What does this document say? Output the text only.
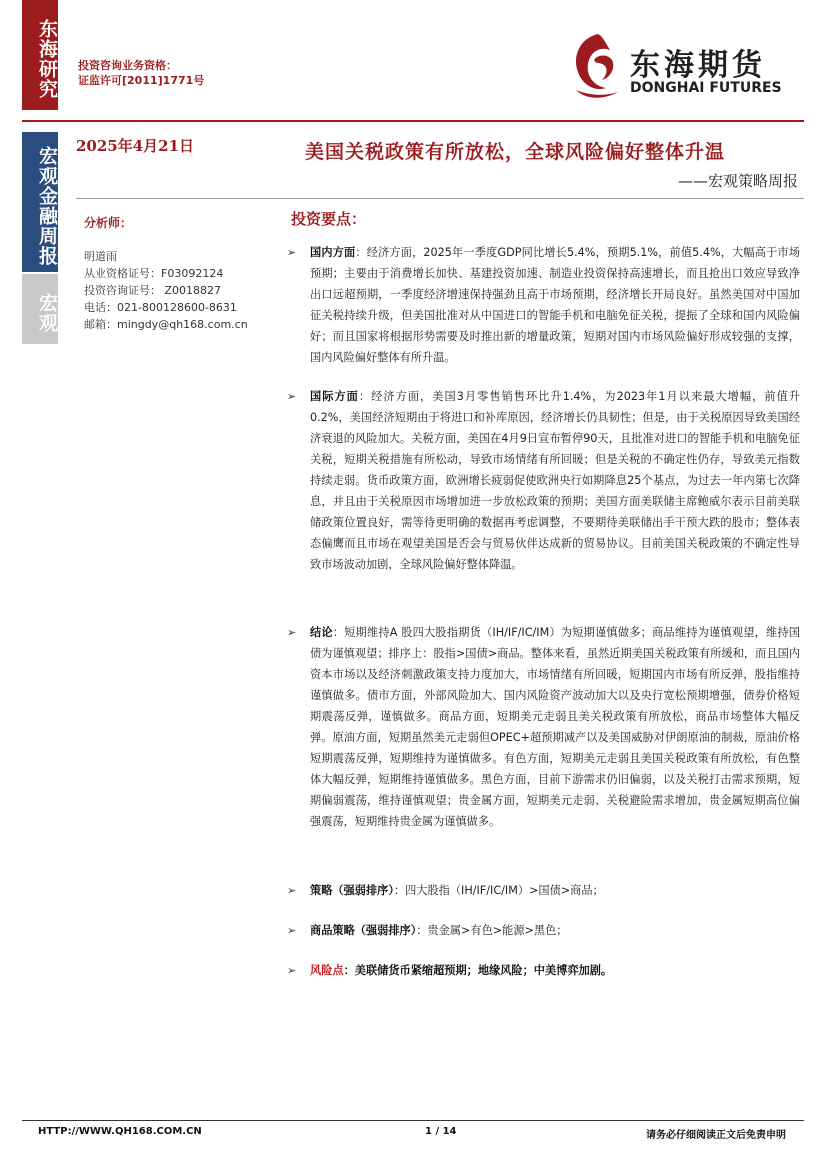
东海研究 投资咨询业务资格：
证监许可[2011]1771号	东海期货
DONGHAI FUTURES
宏观金融周报
宏观
2025年4月21日	美国关税政策有所放松，全球风险偏好整体升温
——宏观策略周报
分析师：
明道雨
从业资格证号：F03092124
投资咨询证号： Z0018827
电话：021-80012860​0-8631
邮箱：mingdy@qh168.com.cn
投资要点：
➢ 国内方面：经济方面，2025年一季度GDP同比增长5.4%，预期5.1%，前值5.4%，大幅高于市场预期；主要由于消费增长加快、基建投资加速、制造业投资保持高速增长，而且抢出口效应导致净出口远超预期，一季度经济增速保持强劲且高于市场预期，经济增长开局良好。虽然美国对中国加征关税持续升级，但美国批准对从中国进口的智能手机和电脑免征关税，提振了全球和国内风险偏好；而且国家将根据形势需要及时推出新的增量政策，短期对国内市场风险偏好形成较强的支撑，国内风险偏好整体有所升温。
➢ 国际方面：经济方面，美国3月零售销售环比升1.4%，为2023年1月以来最大增幅，前值升0.2%，美国经济短期由于将进口和补库原因，经济增长仍具韧性；但是，由于关税原因导致美国经济衰退的风险加大。关税方面，美国在4月9日宣布暂停90天，且批准对进口的智能手机和电脑免征关税，短期关税措施有所松动，导致市场情绪有所回暖；但是关税的不确定性仍存，导致美元指数持续走弱。货币政策方面，欧洲增长疲弱促使欧洲央行如期降息25个基点，为过去一年内第七次降息，并且由于关税原因市场增加进一步放松政策的预期；美国方面美联储主席鲍威尔表示目前美联储政策位置良好，需等待更明确的数据再考虑调整，不要期待美联储出手干预大跌的股市；整体表态偏鹰而且市场在观望美国是否会与贸易伙伴达成新的贸易协议。目前美国关税政策的不确定性导致市场波动加剧，全球风险偏好整体降温。
➢ 结论：短期维持A 股四大股指期货（IH/IF/IC/IM）为短期谨慎做多；商品维持为谨慎观望，维持国债为谨慎观望；排序上：股指>国债>商品。整体来看，虽然近期美国关税政策有所缓和，而且国内资本市场以及经济刺激政策支持力度加大，市场情绪有所回暖，短期国内市场有所反弹，股指维持谨慎做多。债市方面，外部风险加大、国内风险资产波动加大以及央行宽松预期增强，债券价格短期震荡反弹，谨慎做多。商品方面，短期美元走弱且美关税政策有所放松，商品市场整体大幅反弹。原油方面，短期虽然美元走弱但OPEC+超预期减产以及美国威胁对伊朗原油的制裁，原油价格短期震荡反弹，短期维持为谨慎做多。有色方面，短期美元走弱且美国关税政策有所放松，有色整体大幅反弹，短期维持谨慎做多。黑色方面，目前下游需求仍旧偏弱，以及关税打击需求预期，短期偏弱震荡，维持谨慎观望；贵金属方面，短期美元走弱、关税避险需求增加，贵金属短期高位偏强震荡，短期维持贵金属为谨慎做多。
➢ 策略（强弱排序）：四大股指（IH/IF/IC/IM）>国债>商品；
➢ 商品策略（强弱排序）：贵金属>有色>能源>黑色；
➢ 风险点：美联储货币紧缩超预期；地缘风险；中美博弈加剧。
HTTP://WWW.QH168.COM.CN	1 / 14	请务必仔细阅读正文后免责申明
